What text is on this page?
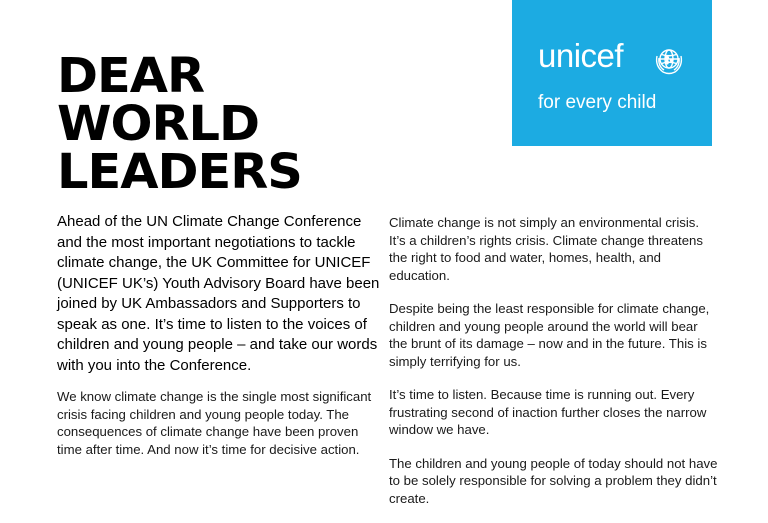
DEAR
WORLD
LEADERS
unicef
for every child

Ahead of the UN Climate Change Conference and the most important negotiations to tackle climate change, the UK Committee for UNICEF (UNICEF UK’s) Youth Advisory Board have been joined by UK Ambassadors and Supporters to speak as one. It’s time to listen to the voices of children and young people – and take our words with you into the Conference.

We know climate change is the single most significant crisis facing children and young people today. The consequences of climate change have been proven time after time. And now it’s time for decisive action.

Climate change is not simply an environmental crisis. It’s a children’s rights crisis. Climate change threatens the right to food and water, homes, health, and education.

Despite being the least responsible for climate change, children and young people around the world will bear the brunt of its damage – now and in the future. This is simply terrifying for us.

It’s time to listen. Because time is running out. Every frustrating second of inaction further closes the narrow window we have.

The children and young people of today should not have to be solely responsible for solving a problem they didn’t create.
